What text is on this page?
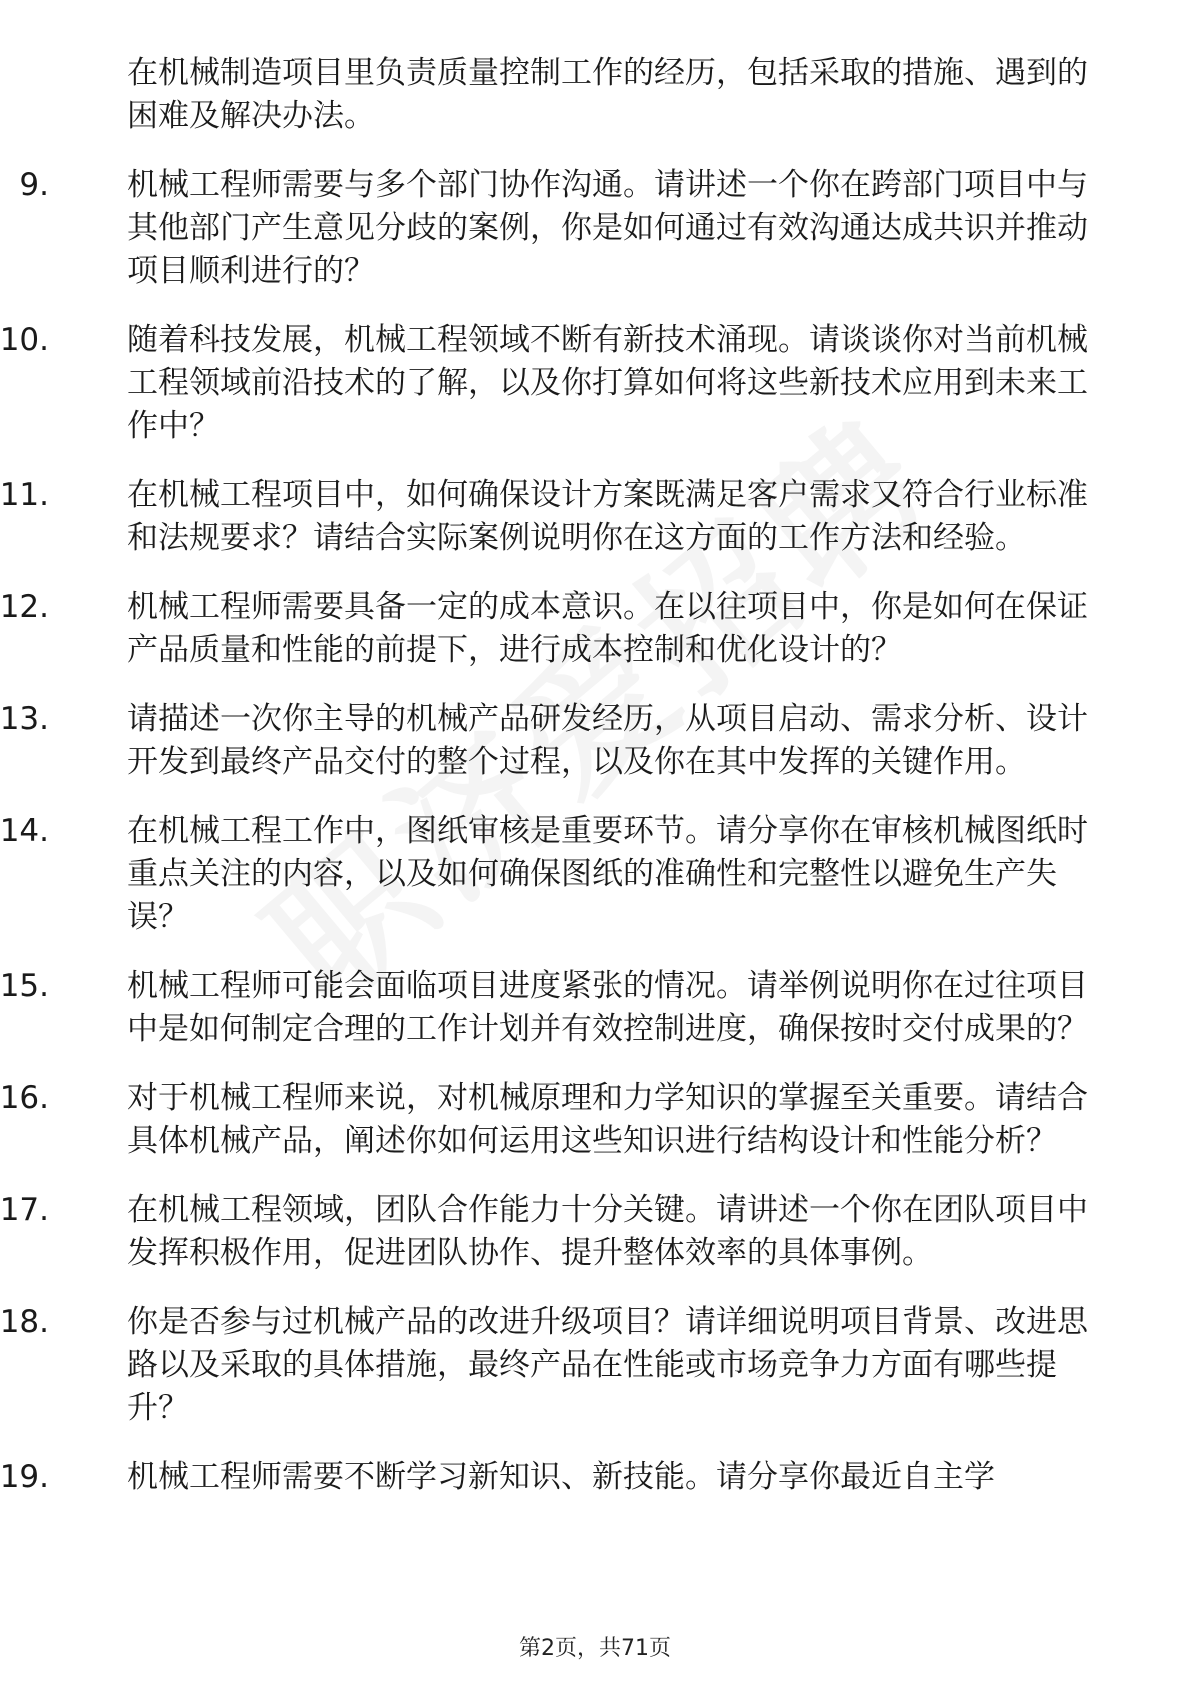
在机械制造项目里负责质量控制工作的经历，包括采取的措施、遇到的困难及解决办法。

9.	机械工程师需要与多个部门协作沟通。请讲述一个你在跨部门项目中与其他部门产生意见分歧的案例，你是如何通过有效沟通达成共识并推动项目顺利进行的？
10.	随着科技发展，机械工程领域不断有新技术涌现。请谈谈你对当前机械工程领域前沿技术的了解，以及你打算如何将这些新技术应用到未来工作中？
11.	在机械工程项目中，如何确保设计方案既满足客户需求又符合行业标准和法规要求？请结合实际案例说明你在这方面的工作方法和经验。
12.	机械工程师需要具备一定的成本意识。在以往项目中，你是如何在保证产品质量和性能的前提下，进行成本控制和优化设计的？
13.	请描述一次你主导的机械产品研发经历，从项目启动、需求分析、设计开发到最终产品交付的整个过程，以及你在其中发挥的关键作用。
14.	在机械工程工作中，图纸审核是重要环节。请分享你在审核机械图纸时重点关注的内容，以及如何确保图纸的准确性和完整性以避免生产失误？
15.	机械工程师可能会面临项目进度紧张的情况。请举例说明你在过往项目中是如何制定合理的工作计划并有效控制进度，确保按时交付成果的？
16.	对于机械工程师来说，对机械原理和力学知识的掌握至关重要。请结合具体机械产品，阐述你如何运用这些知识进行结构设计和性能分析？
17.	在机械工程领域，团队合作能力十分关键。请讲述一个你在团队项目中发挥积极作用，促进团队协作、提升整体效率的具体事例。
18.	你是否参与过机械产品的改进升级项目？请详细说明项目背景、改进思路以及采取的具体措施，最终产品在性能或市场竞争力方面有哪些提升？
19.	机械工程师需要不断学习新知识、新技能。请分享你最近自主学
第2页，共71页
